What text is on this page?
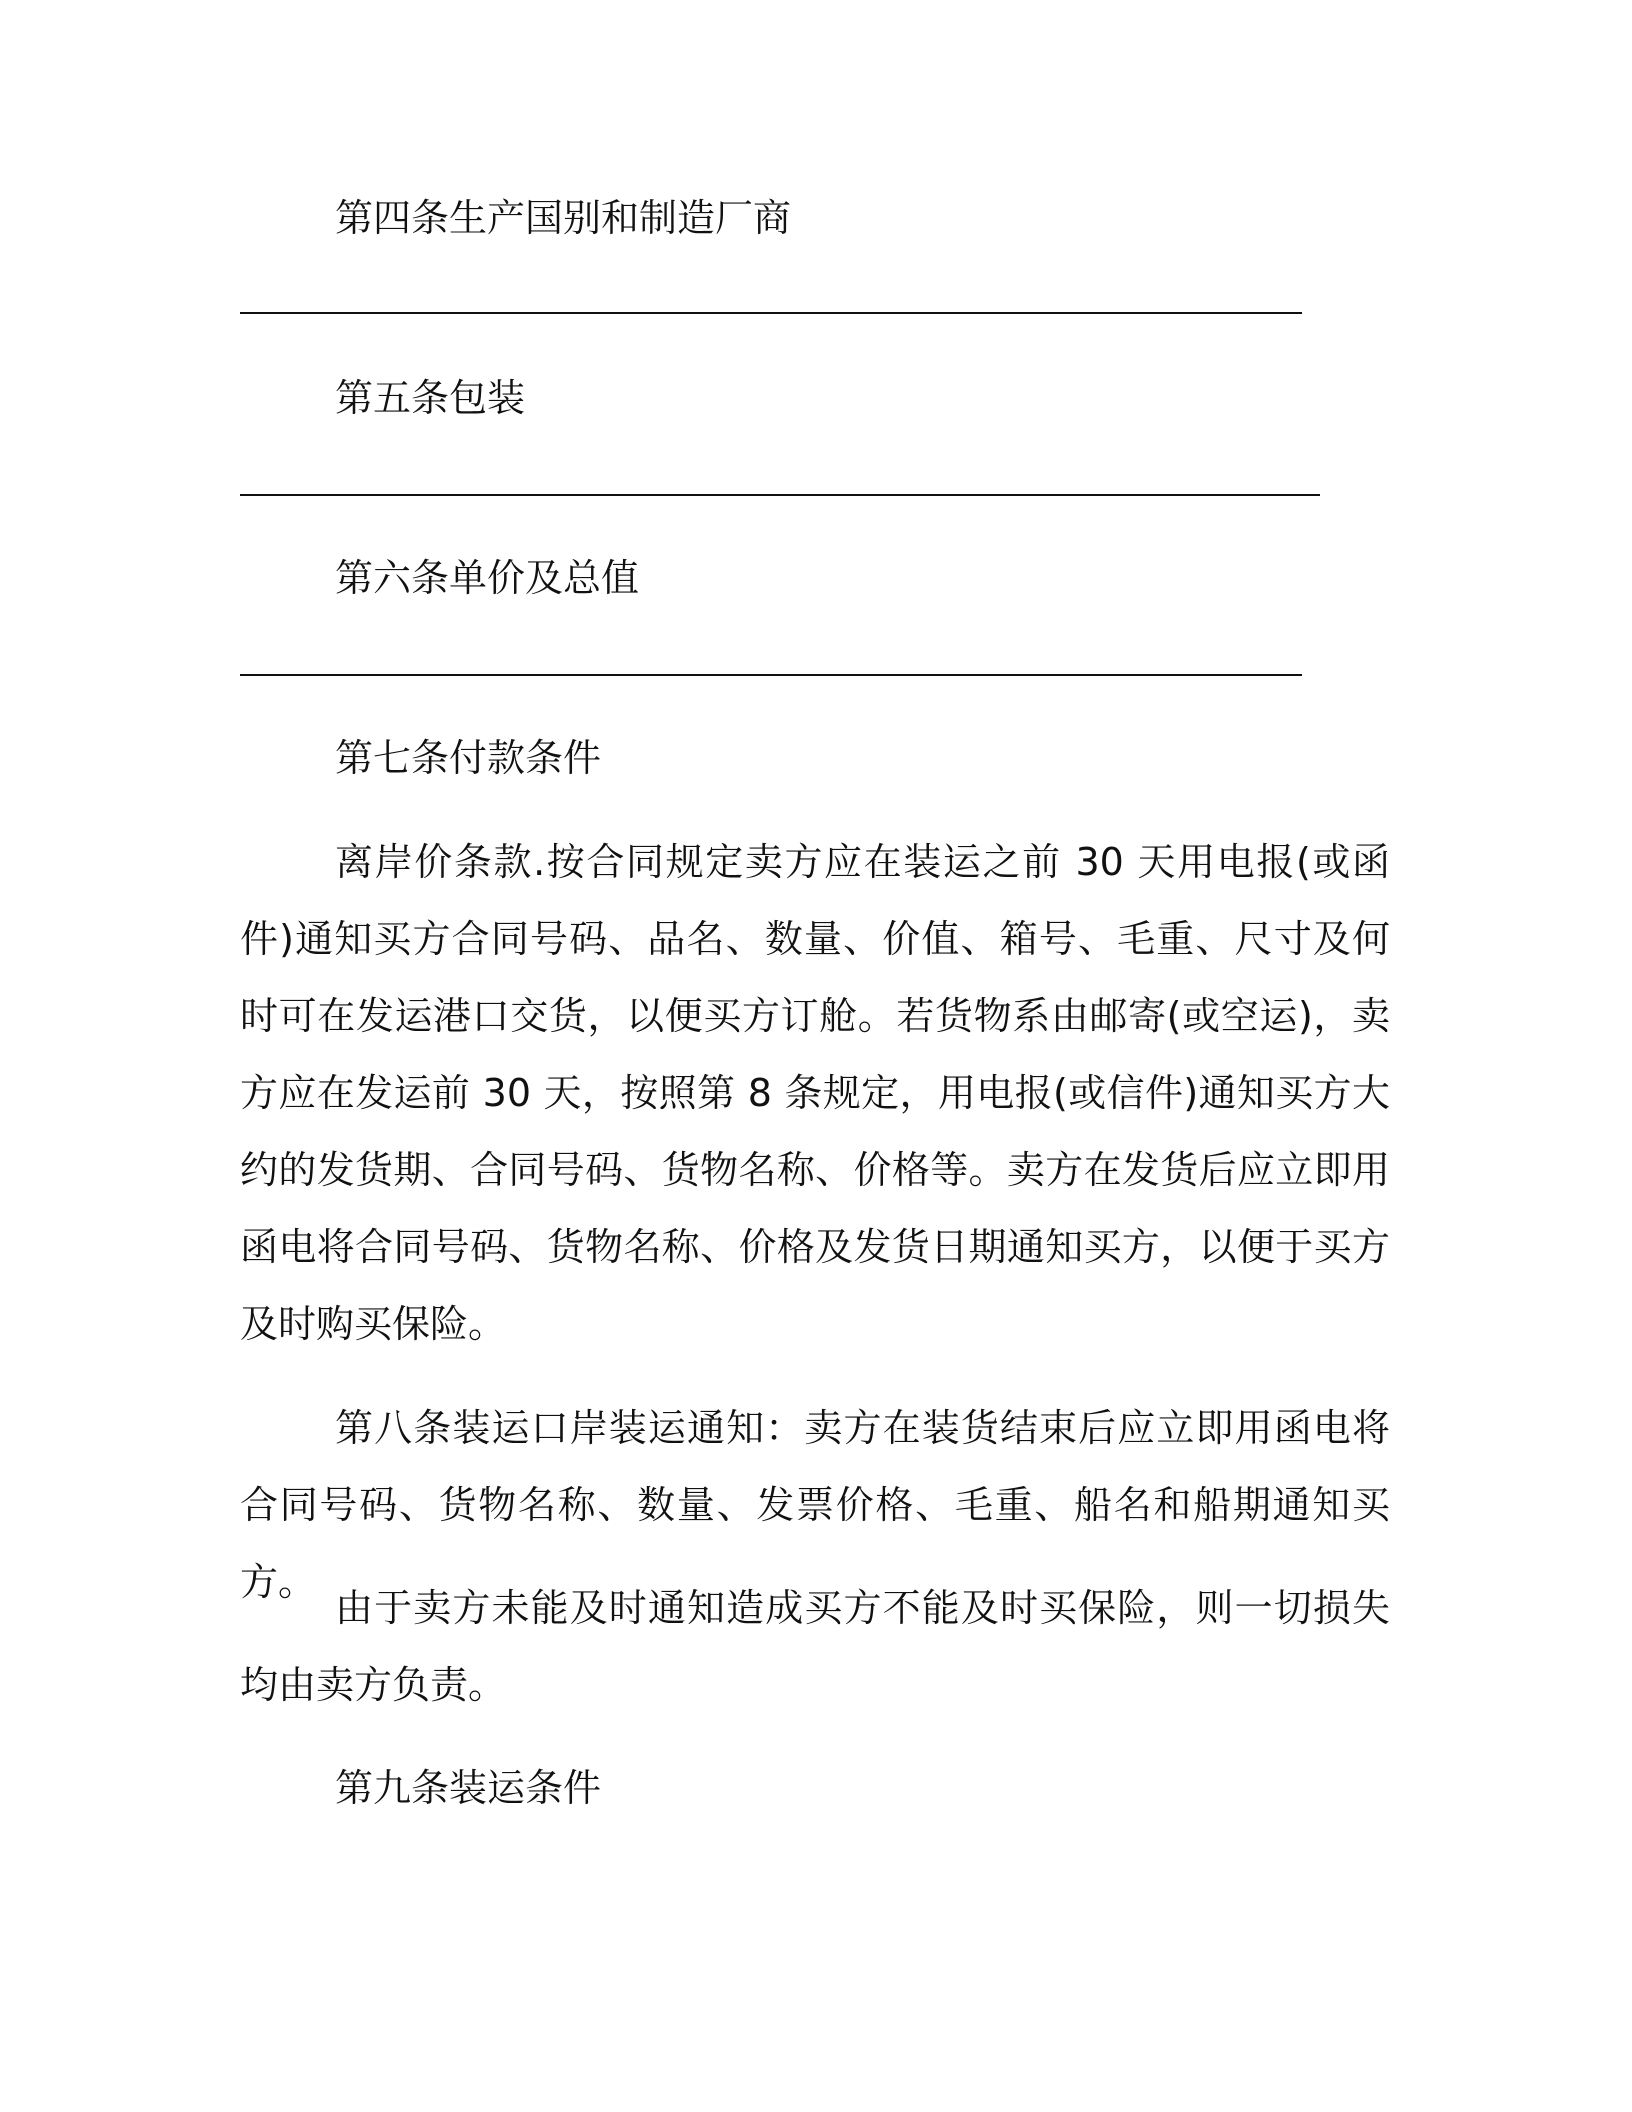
第四条生产国别和制造厂商

第五条包装

第六条单价及总值

第七条付款条件

离岸价条款.按合同规定卖方应在装运之前 30 天用电报(或函件)通知买方合同号码、品名、数量、价值、箱号、毛重、尺寸及何时可在发运港口交货，以便买方订舱。若货物系由邮寄(或空运)，卖方应在发运前 30 天，按照第 8 条规定，用电报(或信件)通知买方大约的发货期、合同号码、货物名称、价格等。卖方在发货后应立即用函电将合同号码、货物名称、价格及发货日期通知买方，以便于买方及时购买保险。

第八条装运口岸装运通知：卖方在装货结束后应立即用函电将合同号码、货物名称、数量、发票价格、毛重、船名和船期通知买方。

由于卖方未能及时通知造成买方不能及时买保险，则一切损失均由卖方负责。

第九条装运条件
